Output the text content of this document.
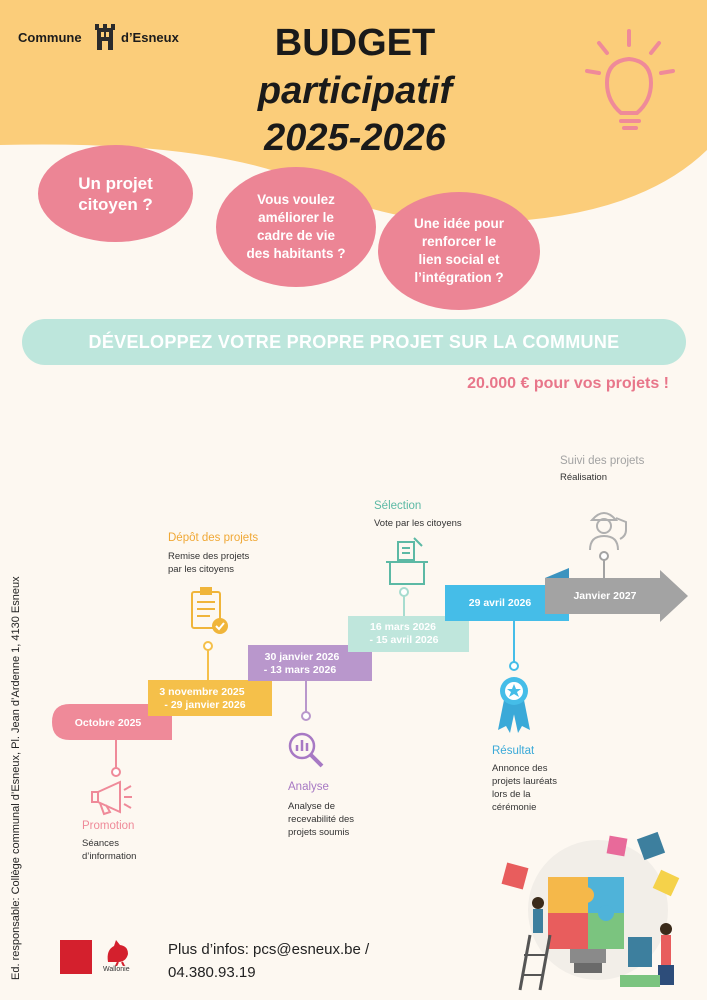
Commune	d’Esneux	BUDGET
participatif
2025-2026
Un projet
citoyen ?	Vous voulez
améliorer le
cadre de vie
des habitants ?
Une idée pour
renforcer le
lien social et
l’intégration ?
DÉVELOPPEZ VOTRE PROPRE PROJET SUR LA COMMUNE
20.000 € pour vos projets !
Octobre 2025
3 novembre 2025
- 29 janvier 2026
30 janvier 2026
- 13 mars 2026
16 mars 2026
- 15 avril 2026
29 avril 2026
Janvier 2027
Promotion
Séances
d’information
Dépôt des projets
Remise des projets
par les citoyens
Analyse
Analyse de
recevabilité des
projets soumis
Sélection
Vote par les citoyens
Résultat
Annonce des
projets lauréats
lors de la
cérémonie
Suivi des projets
Réalisation
Ed. responsable: Collège communal d’Esneux, Pl. Jean d’Ardenne 1, 4130 Esneux	Wallonie
Plus d’infos: pcs@esneux.be /
04.380.93.19
